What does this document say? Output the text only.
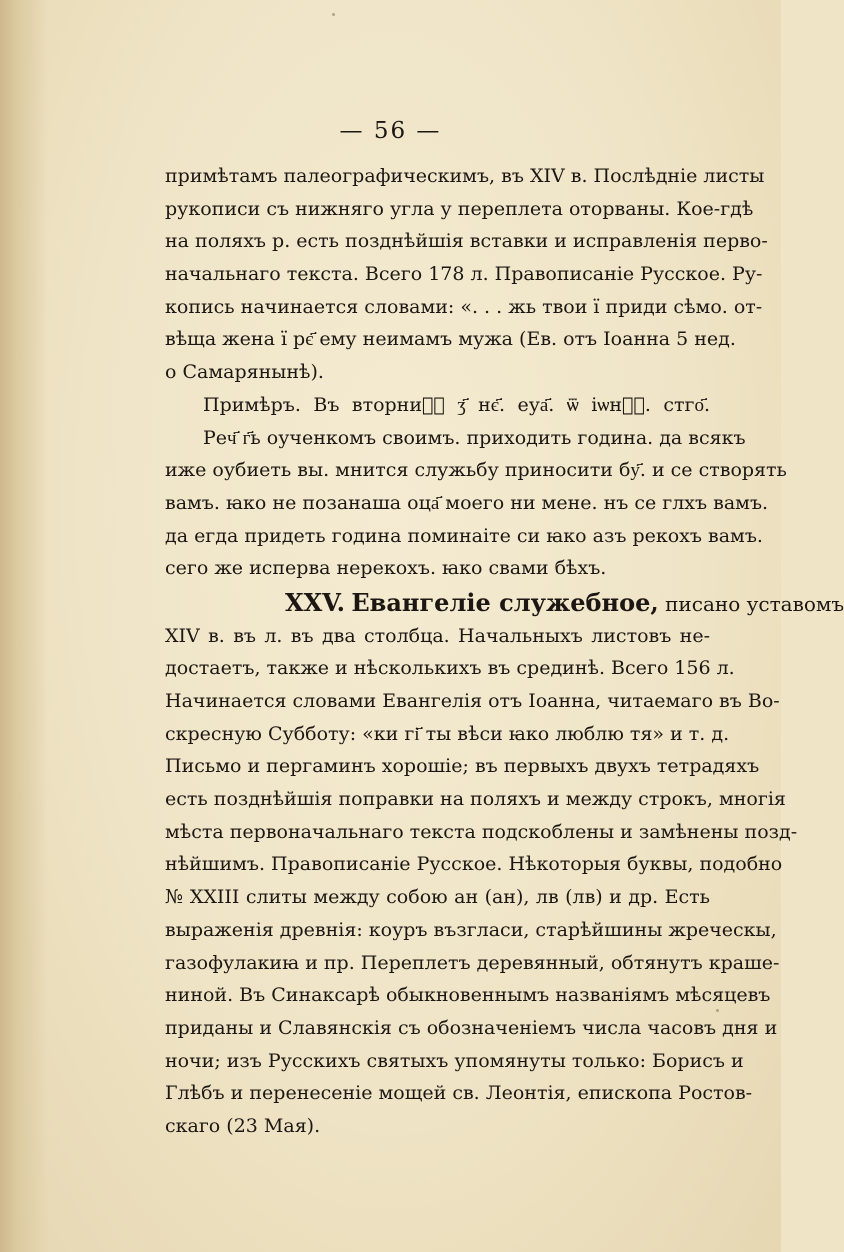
— 56 —
примѣтамъ палеографическимъ, въ XIV в. Послѣдніе листы
рукописи съ нижняго угла у переплета оторваны. Кое-гдѣ
на поляхъ р. есть позднѣйшія вставки и исправленія перво-
начальнаго текста. Всего 178 л. Правописаніе Русское. Ру-
копись начинается словами: «. . . жь твои ї приди сѣмо. от-
вѣща жена ї рє҃ ему неимамъ мужа (Ев. отъ Іоанна 5 нед.
о Самарянынѣ).
Примѣръ. Въ вторниⷦ҇ ӡ҃ нє҃. еуа҃. ѿ іѡнⷹ҇. стго҃.
Реч҃ г҃ь оученкомъ своимъ. приходить година. да всякъ
иже оубиеть вы. мнится служьбу приносити бу҃. и се створять
вамъ. ꙗко не позанаша оца҃ моего ни мене. нъ се глхъ вамъ.
да егда придеть година поминаіте си ꙗко азъ рекохъ вамъ.
сего же исперва нерекохъ. ꙗко свами бѣхъ.
XXV. Евангеліе служебное, писано уставомъ
XIV в. въ л. въ два столбца. Начальныхъ листовъ не-
достаетъ, также и нѣсколькихъ въ срединѣ. Всего 156 л.
Начинается словами Евангелія отъ Іоанна, читаемаго въ Во-
скресную Субботу: «ки гі҃ ты вѣси ꙗко люблю тя» и т. д.
Письмо и пергаминъ хорошіе; въ первыхъ двухъ тетрадяхъ
есть позднѣйшія поправки на поляхъ и между строкъ, многія
мѣста первоначальнаго текста подскоблены и замѣнены позд-
нѣйшимъ. Правописаніе Русское. Нѣкоторыя буквы, подобно
№ XXIII слиты между собою ан (ан), лв (лв) и др. Есть
выраженія древнія: коуръ възгласи, старѣйшины жреческы,
газофулакиꙗ и пр. Переплетъ деревянный, обтянутъ краше-
ниной. Въ Синаксарѣ обыкновеннымъ названіямъ мѣсяцевъ
приданы и Славянскія съ обозначеніемъ числа часовъ дня и
ночи; изъ Русскихъ святыхъ упомянуты только: Борисъ и
Глѣбъ и перенесеніе мощей св. Леонтія, епископа Ростов-
скаго (23 Мая).
